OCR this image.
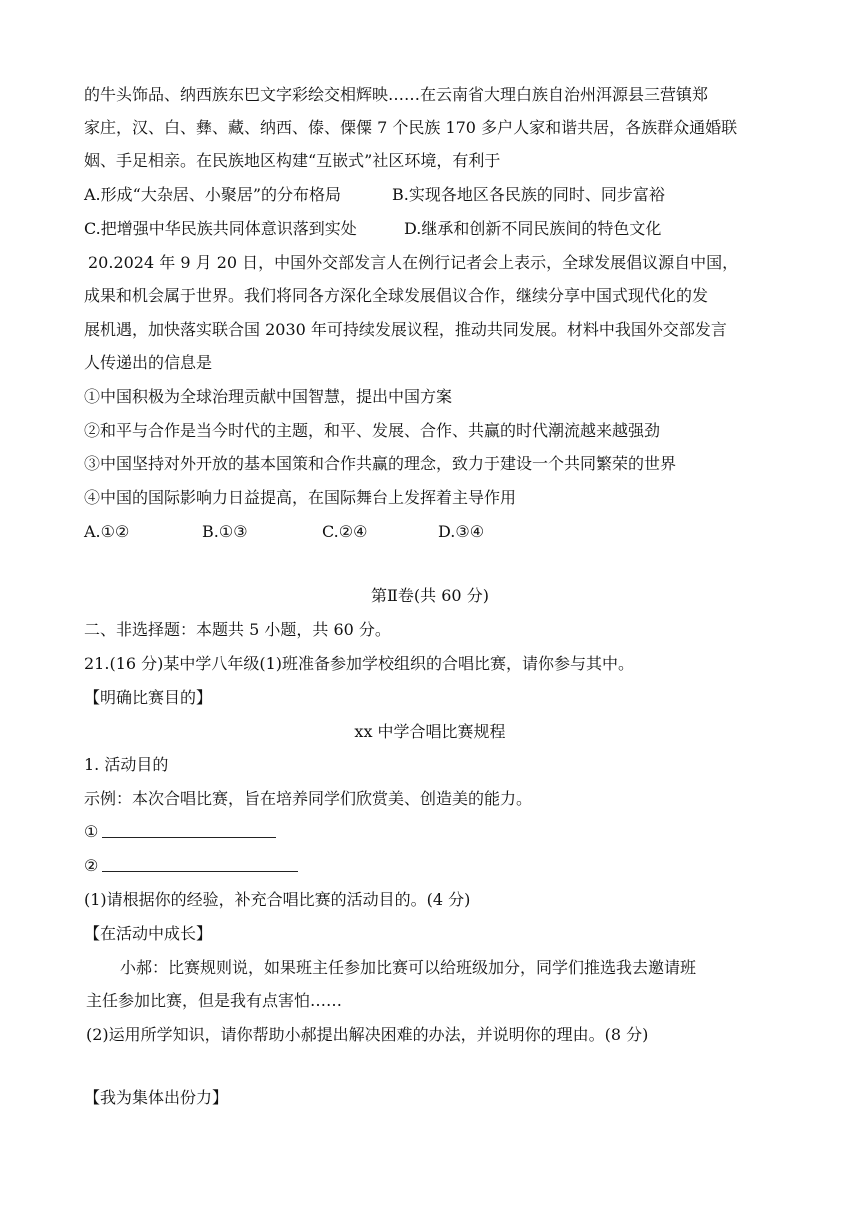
的牛头饰品、纳西族东巴文字彩绘交相辉映……在云南省大理白族自治州洱源县三营镇郑
家庄，汉、白、彝、藏、纳西、傣、傈僳 7 个民族 170 多户人家和谐共居，各族群众通婚联
姻、手足相亲。在民族地区构建“互嵌式”社区环境，有利于
A.形成“大杂居、小聚居”的分布格局	B.实现各地区各民族的同时、同步富裕
C.把增强中华民族共同体意识落到实处	D.继承和创新不同民族间的特色文化
20.2024 年 9 月 20 日，中国外交部发言人在例行记者会上表示，全球发展倡议源自中国，
成果和机会属于世界。我们将同各方深化全球发展倡议合作，继续分享中国式现代化的发
展机遇，加快落实联合国 2030 年可持续发展议程，推动共同发展。材料中我国外交部发言
人传递出的信息是
①中国积极为全球治理贡献中国智慧，提出中国方案
②和平与合作是当今时代的主题，和平、发展、合作、共赢的时代潮流越来越强劲
③中国坚持对外开放的基本国策和合作共赢的理念，致力于建设一个共同繁荣的世界
④中国的国际影响力日益提高，在国际舞台上发挥着主导作用
A.①②	B.①③	C.②④	D.③④
第Ⅱ卷(共 60 分)
二、非选择题：本题共 5 小题，共 60 分。
21.(16 分)某中学八年级(1)班准备参加学校组织的合唱比赛，请你参与其中。
【明确比赛目的】
xx 中学合唱比赛规程
1. 活动目的
示例：本次合唱比赛，旨在培养同学们欣赏美、创造美的能力。
①
②
(1)请根据你的经验，补充合唱比赛的活动目的。(4 分)
【在活动中成长】
小郝：比赛规则说，如果班主任参加比赛可以给班级加分，同学们推选我去邀请班
主任参加比赛，但是我有点害怕……
(2)运用所学知识，请你帮助小郝提出解决困难的办法，并说明你的理由。(8 分)
【我为集体出份力】
